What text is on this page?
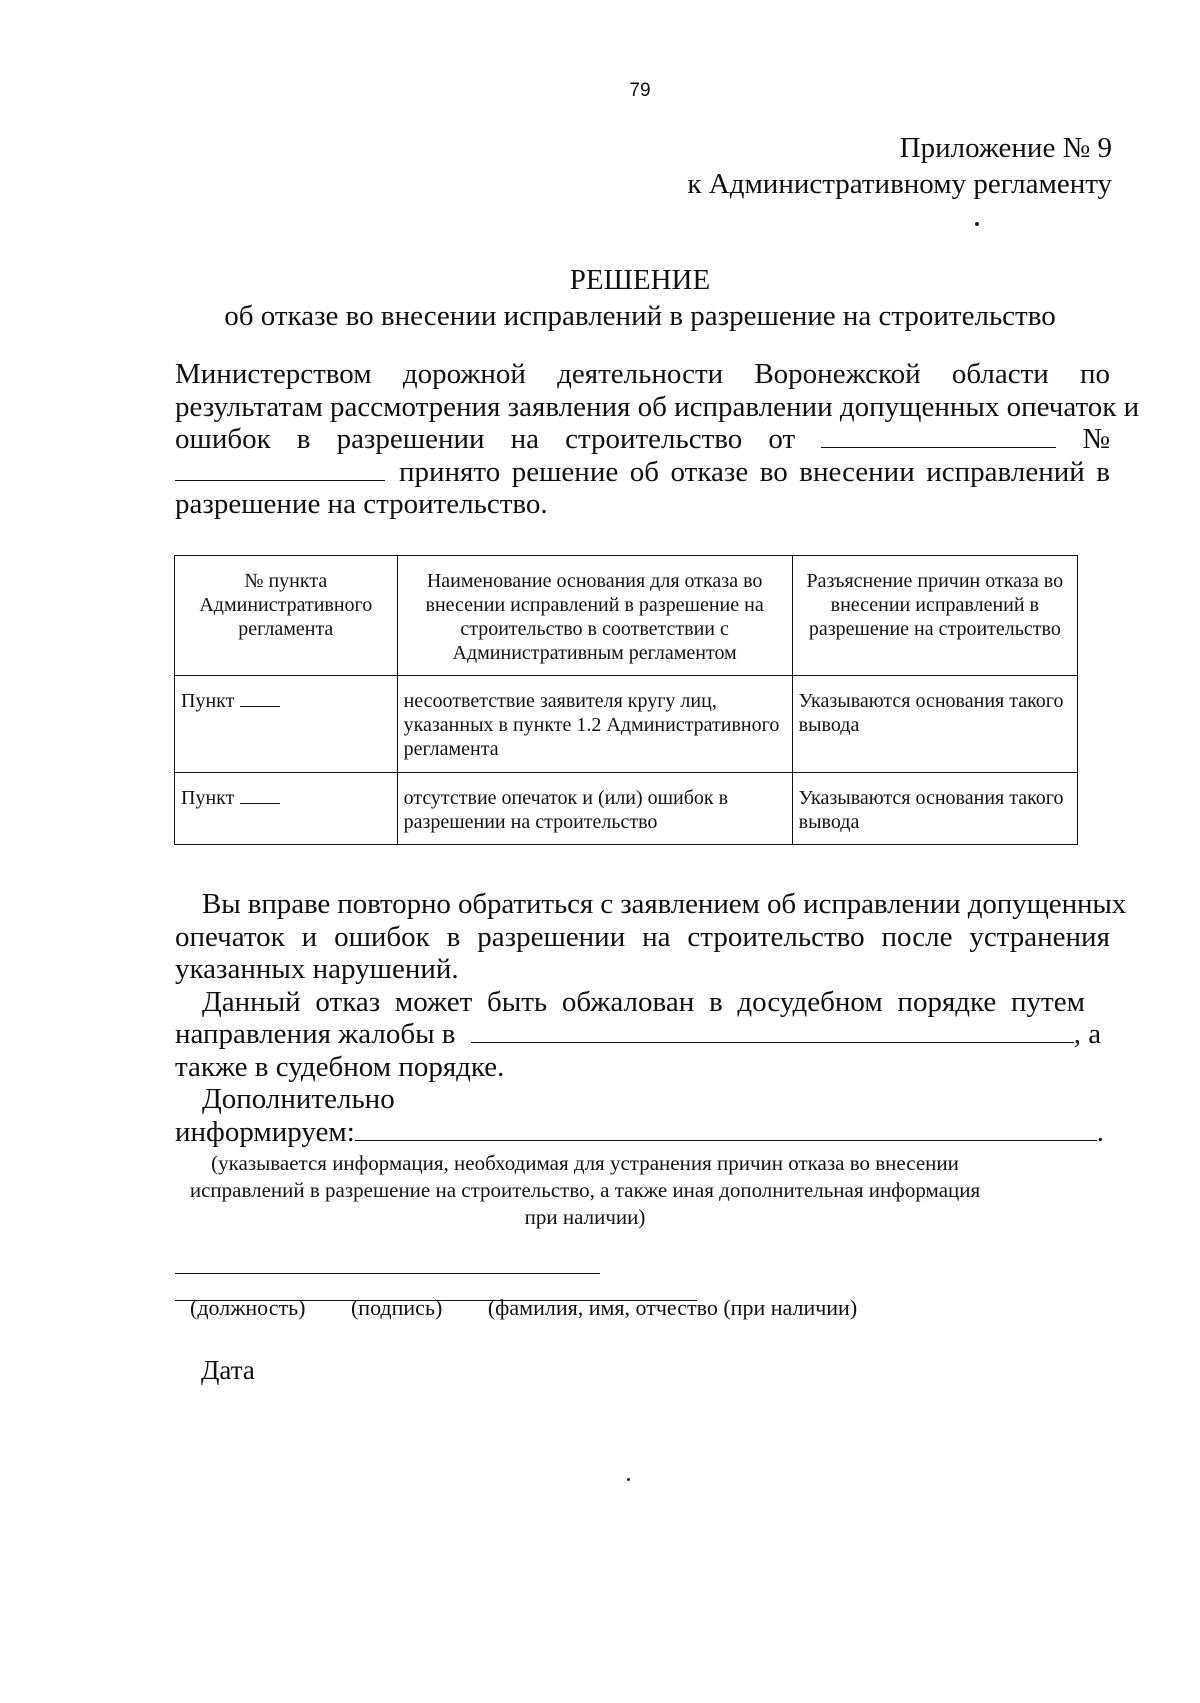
79
Приложение № 9
к Административному регламенту
РЕШЕНИЕ
об отказе во внесении исправлений в разрешение на строительство
Министерством дорожной деятельности Воронежской области по
результатам рассмотрения заявления об исправлении допущенных опечаток и
ошибок в разрешении на строительство от	№
принято решение об отказе во внесении исправлений в
разрешение на строительство.
№ пункта Административного регламента	Наименование основания для отказа во внесении исправлений в разрешение на строительство в соответствии с Административным регламентом	Разъяснение причин отказа во внесении исправлений в разрешение на строительство
Пункт	несоответствие заявителя кругу лиц, указанных в пункте 1.2 Административного регламента	Указываются основания такого вывода
Пункт	отсутствие опечаток и (или) ошибок в разрешении на строительство	Указываются основания такого вывода
Вы вправе повторно обратиться с заявлением об исправлении допущенных
опечаток и ошибок в разрешении на строительство после устранения
указанных нарушений.
Данный отказ может быть обжалован в досудебном порядке путем
направления жалобы в	, а
также в судебном порядке.
Дополнительно
информируем:	.
(указывается информация, необходимая для устранения причин отказа во внесении исправлений в разрешение на строительство, а также иная дополнительная информация при наличии)
(должность) (подпись) (фамилия, имя, отчество (при наличии)
Дата
